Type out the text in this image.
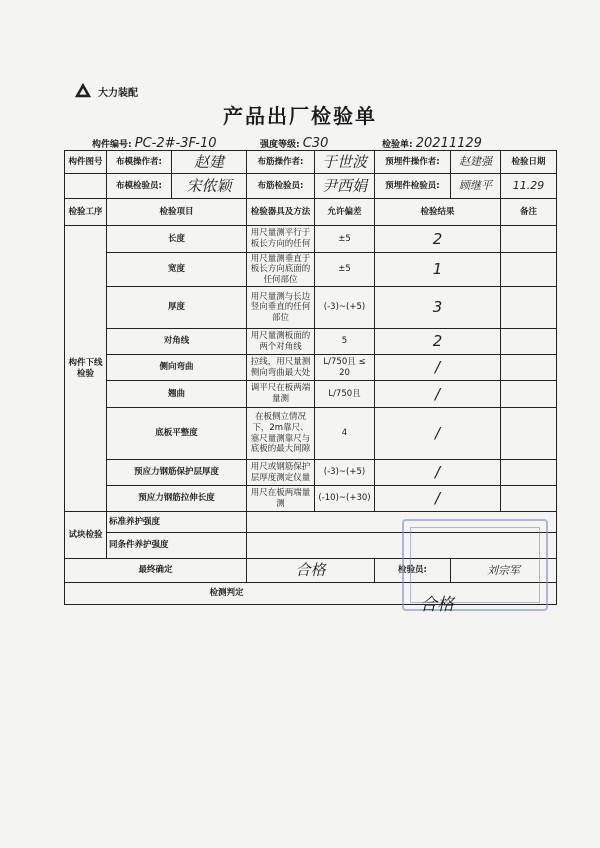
大力装配
产品出厂检验单
构件编号: PC-2#-3F-10	强度等级: C30	检验单: 20211129
构件图号	布模操作者:	赵建	布筋操作者:	于世波	预埋件操作者:	赵建强	检验日期
	布模检验员:	宋侬颖	布筋检验员:	尹西娟	预埋件检验员:	顾继平	11.29
检验工序	检验项目		检验器具及方法	允许偏差	检验结果		备注
构件下线检验	长度		用尺量测平行于板长方向的任何	±5	2		
	宽度		用尺量测垂直于板长方向底面的任何部位	±5	1		
	厚度		用尺量测与长边竖向垂直的任何部位	(-3)~(+5)	3		
	对角线		用尺量测板面的两个对角线	5	2		
	侧向弯曲		拉线，用尺量测侧向弯曲最大处	L/750且 ≤ 20	/		
	翘曲		调平尺在板两端量测	L/750且	/		
	底板平整度		在板侧立情况下，2m靠尺、塞尺量测靠尺与底板的最大间隙	4	/		
	预应力钢筋保护层厚度		用尺或钢筋保护层厚度测定仪量	(-3)~(+5)	/		
	预应力钢筋拉伸长度		用尺在板两端量测	(-10)~(+30)	/		
试块检验	标准养护强度						
	同条件养护强度						
最终确定			合格		检验员:	刘宗军	
检测判定							
合格
